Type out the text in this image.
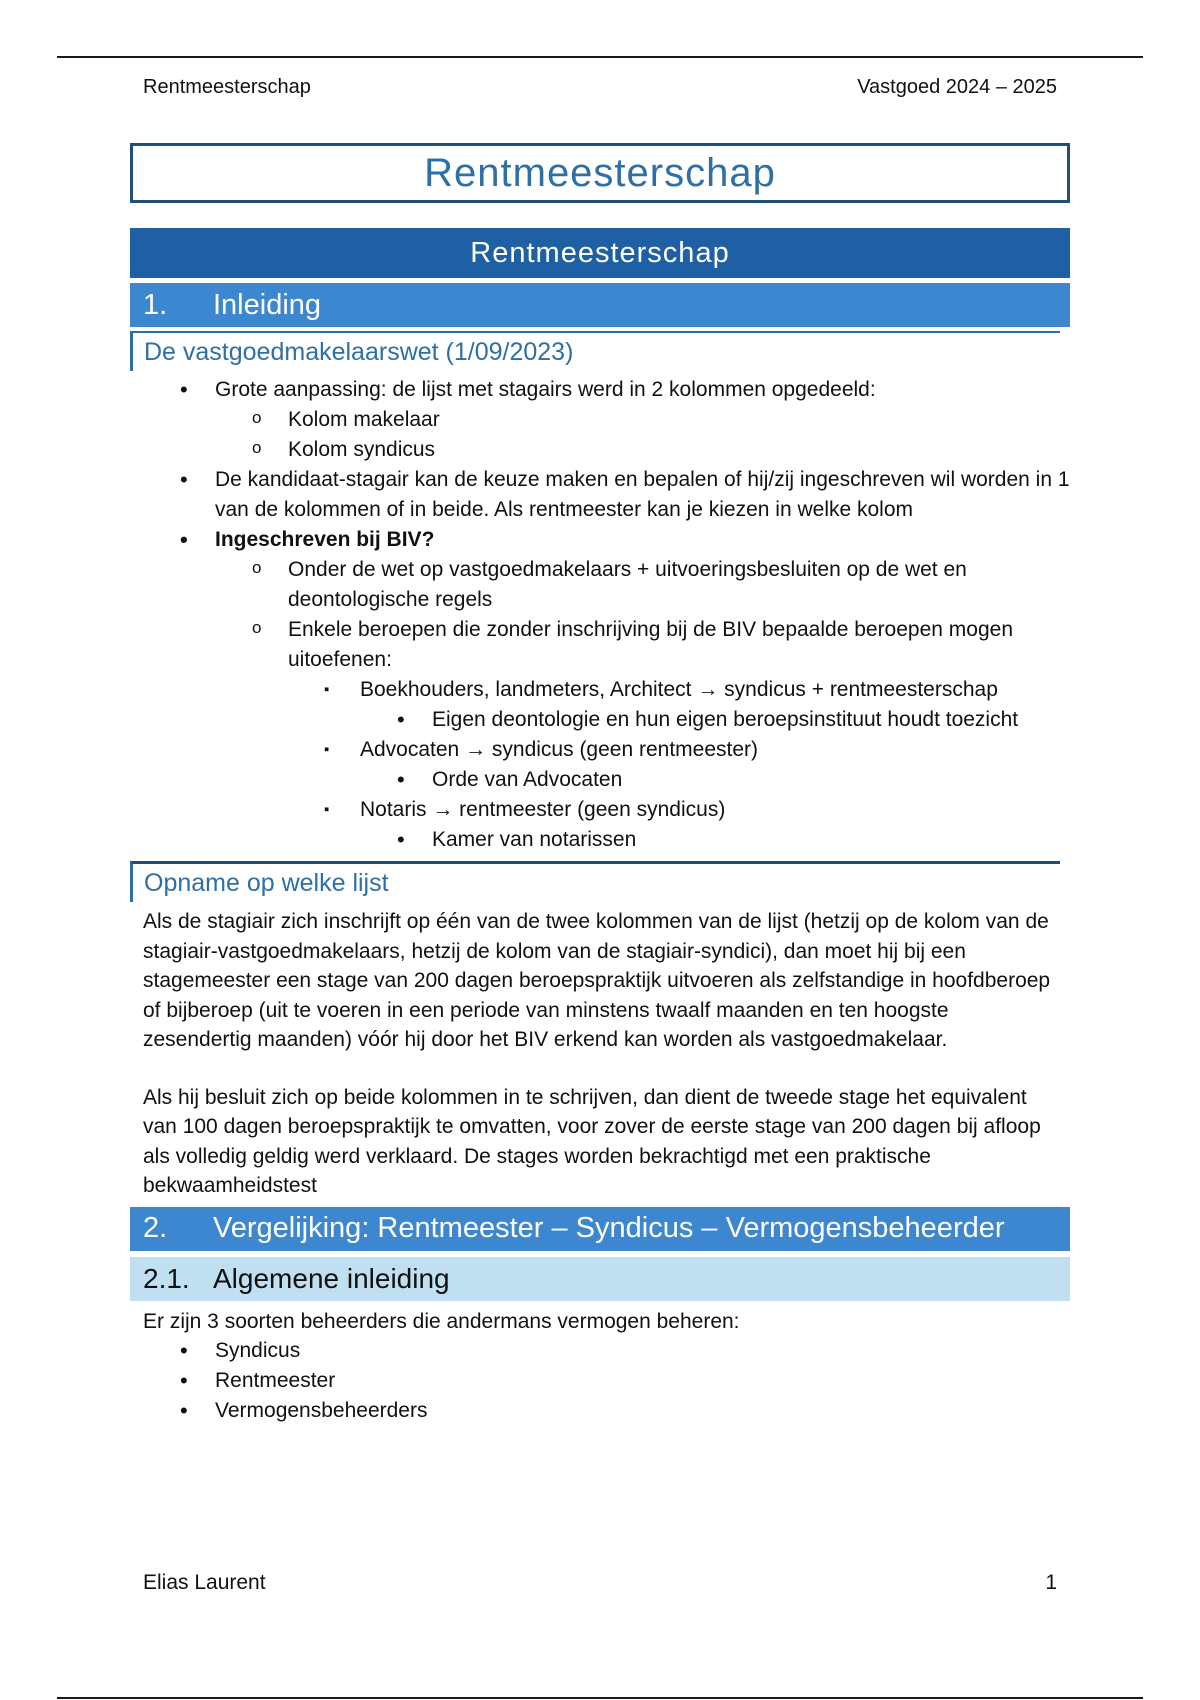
Rentmeesterschap	Vastgoed 2024 – 2025
Rentmeesterschap
Rentmeesterschap
1.	Inleiding
De vastgoedmakelaarswet (1/09/2023)
• Grote aanpassing: de lijst met stagairs werd in 2 kolommen opgedeeld:
o Kolom makelaar
o Kolom syndicus
• De kandidaat-stagair kan de keuze maken en bepalen of hij/zij ingeschreven wil worden in 1 van de kolommen of in beide. Als rentmeester kan je kiezen in welke kolom
• Ingeschreven bij BIV?
o Onder de wet op vastgoedmakelaars + uitvoeringsbesluiten op de wet en deontologische regels
o Enkele beroepen die zonder inschrijving bij de BIV bepaalde beroepen mogen uitoefenen:
▪ Boekhouders, landmeters, Architect → syndicus + rentmeesterschap
• Eigen deontologie en hun eigen beroepsinstituut houdt toezicht
▪ Advocaten → syndicus (geen rentmeester)
• Orde van Advocaten
▪ Notaris → rentmeester (geen syndicus)
• Kamer van notarissen
Opname op welke lijst
Als de stagiair zich inschrijft op één van de twee kolommen van de lijst (hetzij op de kolom van de stagiair-vastgoedmakelaars, hetzij de kolom van de stagiair-syndici), dan moet hij bij een stagemeester een stage van 200 dagen beroepspraktijk uitvoeren als zelfstandige in hoofdberoep of bijberoep (uit te voeren in een periode van minstens twaalf maanden en ten hoogste zesendertig maanden) vóór hij door het BIV erkend kan worden als vastgoedmakelaar.
Als hij besluit zich op beide kolommen in te schrijven, dan dient de tweede stage het equivalent van 100 dagen beroepspraktijk te omvatten, voor zover de eerste stage van 200 dagen bij afloop als volledig geldig werd verklaard. De stages worden bekrachtigd met een praktische bekwaamheidstest
2.	Vergelijking: Rentmeester – Syndicus – Vermogensbeheerder
2.1. Algemene inleiding
Er zijn 3 soorten beheerders die andermans vermogen beheren:
• Syndicus
• Rentmeester
• Vermogensbeheerders
Elias Laurent	1
